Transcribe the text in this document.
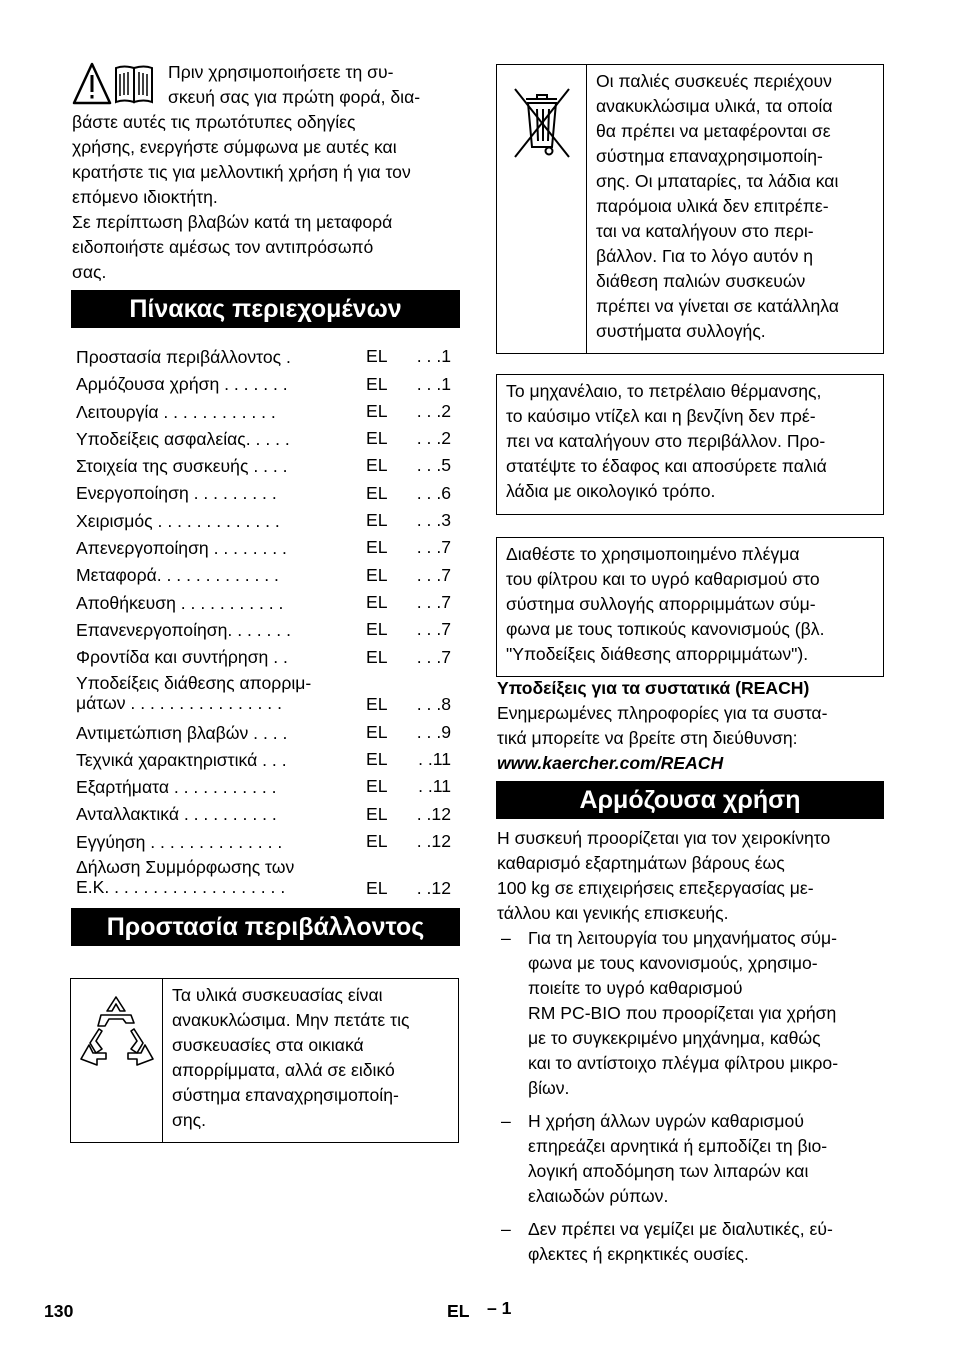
Πριν χρησιμοποιήσετε τη συ-

σκευή σας για πρώτη φορά, δια-

βάστε αυτές τις πρωτότυπες οδηγίες

χρήσης, ενεργήστε σύμφωνα με αυτές και

κρατήστε τις για μελλοντική χρήση ή για τον

επόμενο ιδιοκτήτη.

Σε περίπτωση βλαβών κατά τη μεταφορά

ειδοποιήστε αμέσως τον αντιπρόσωπό

σας.

Πίνακας περιεχομένων
Προστασία περιβάλλοντος .	EL . . .1
Αρμόζουσα χρήση . . . . . . .	EL . . .1
Λειτουργία . . . . . . . . . . . .	EL . . .2
Υποδείξεις ασφαλείας. . . . .	EL . . .2
Στοιχεία της συσκευής . . . .	EL . . .5
Ενεργοποίηση . . . . . . . . .	EL . . .6
Χειρισμός . . . . . . . . . . . . .	EL . . .3
Απενεργοποίηση . . . . . . . .	EL . . .7
Μεταφορά. . . . . . . . . . . . .	EL . . .7
Αποθήκευση . . . . . . . . . . .	EL . . .7
Επανενεργοποίηση. . . . . . .	EL . . .7
Φροντίδα και συντήρηση . .	EL . . .7
Υποδείξεις διάθεσης απορριμ-
μάτων . . . . . . . . . . . . . . . .	EL . . .8
Αντιμετώπιση βλαβών . . . .	EL . . .9
Τεχνικά χαρακτηριστικά . . .	EL . .11
Εξαρτήματα . . . . . . . . . . .	EL . .11
Ανταλλακτικά . . . . . . . . . .	EL . .12
Εγγύηση . . . . . . . . . . . . . .	EL . .12
Δήλωση Συμμόρφωσης των
Ε.Κ. . . . . . . . . . . . . . . . . . .	EL . .12
Προστασία περιβάλλοντος

Τα υλικά συσκευασίας είναι

ανακυκλώσιμα. Μην πετάτε τις

συσκευασίες στα οικιακά

απορρίμματα, αλλά σε ειδικό

σύστημα επαναχρησιμοποίη-

σης.

Οι παλιές συσκευές περιέχουν

ανακυκλώσιμα υλικά, τα οποία

θα πρέπει να μεταφέρονται σε

σύστημα επαναχρησιμοποίη-

σης. Οι μπαταρίες, τα λάδια και

παρόμοια υλικά δεν επιτρέπε-

ται να καταλήγουν στο περι-

βάλλον. Για το λόγο αυτόν η

διάθεση παλιών συσκευών

πρέπει να γίνεται σε κατάλληλα

συστήματα συλλογής.

Το μηχανέλαιο, το πετρέλαιο θέρμανσης,

το καύσιμο ντίζελ και η βενζίνη δεν πρέ-

πει να καταλήγουν στο περιβάλλον. Προ-

στατέψτε το έδαφος και αποσύρετε παλιά

λάδια με οικολογικό τρόπο.

Διαθέστε το χρησιμοποιημένο πλέγμα

του φίλτρου και το υγρό καθαρισμού στο

σύστημα συλλογής απορριμμάτων σύμ-

φωνα με τους τοπικούς κανονισμούς (βλ.

"Υποδείξεις διάθεσης απορριμμάτων").

Υποδείξεις για τα συστατικά (REACH)

Ενημερωμένες πληροφορίες για τα συστα-

τικά μπορείτε να βρείτε στη διεύθυνση:

www.kaercher.com/REACH

Αρμόζουσα χρήση

Η συσκευή προορίζεται για τον χειροκίνητο

καθαρισμό εξαρτημάτων βάρους έως

100 kg σε επιχειρήσεις επεξεργασίας με-

τάλλου και γενικής επισκευής.

– Για τη λειτουργία του μηχανήματος σύμ-

φωνα με τους κανονισμούς, χρησιμο-

ποιείτε το υγρό καθαρισμού

RM PC-BIO που προορίζεται για χρήση

με το συγκεκριμένο μηχάνημα, καθώς

και το αντίστοιχο πλέγμα φίλτρου μικρο-

βίων.

– Η χρήση άλλων υγρών καθαρισμού

επηρεάζει αρνητικά ή εμποδίζει τη βιο-

λογική αποδόμηση των λιπαρών και

ελαιωδών ρύπων.

– Δεν πρέπει να γεμίζει με διαλυτικές, εύ-

φλεκτες ή εκρηκτικές ουσίες.

130	EL – 1
